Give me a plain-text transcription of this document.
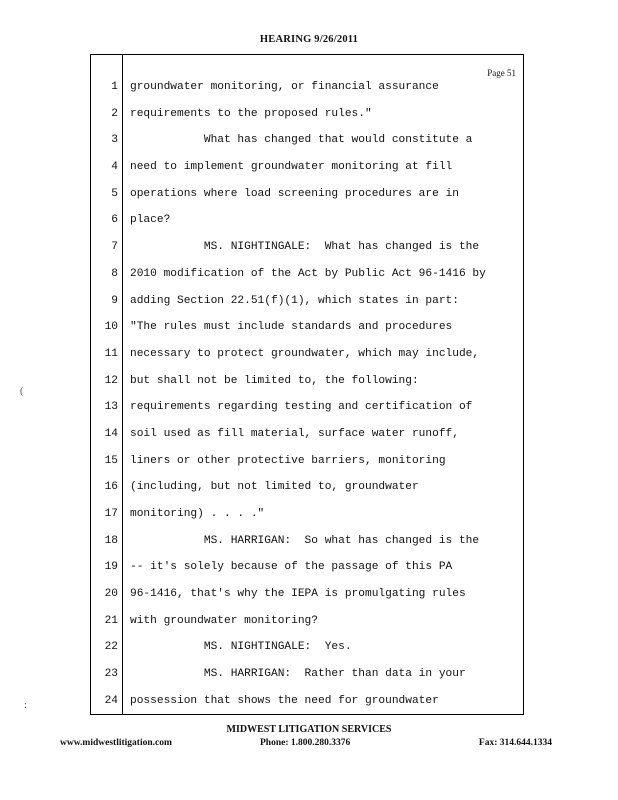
HEARING 9/26/2011
Page 51
1 groundwater monitoring, or financial assurance
2 requirements to the proposed rules."
3 What has changed that would constitute a
4 need to implement groundwater monitoring at fill
5 operations where load screening procedures are in
6 place?
7 MS. NIGHTINGALE:  What has changed is the
8 2010 modification of the Act by Public Act 96-1416 by
9 adding Section 22.51(f)(1), which states in part:
10 "The rules must include standards and procedures
11 necessary to protect groundwater, which may include,
12 but shall not be limited to, the following:
13 requirements regarding testing and certification of
14 soil used as fill material, surface water runoff,
15 liners or other protective barriers, monitoring
16 (including, but not limited to, groundwater
17 monitoring) . . . ."
18 MS. HARRIGAN:  So what has changed is the
19 -- it's solely because of the passage of this PA
20 96-1416, that's why the IEPA is promulgating rules
21 with groundwater monitoring?
22 MS. NIGHTINGALE:  Yes.
23 MS. HARRIGAN:  Rather than data in your
24 possession that shows the need for groundwater
(
:
MIDWEST LITIGATION SERVICES
www.midwestlitigation.com	Phone: 1.800.280.3376	Fax: 314.644.1334
